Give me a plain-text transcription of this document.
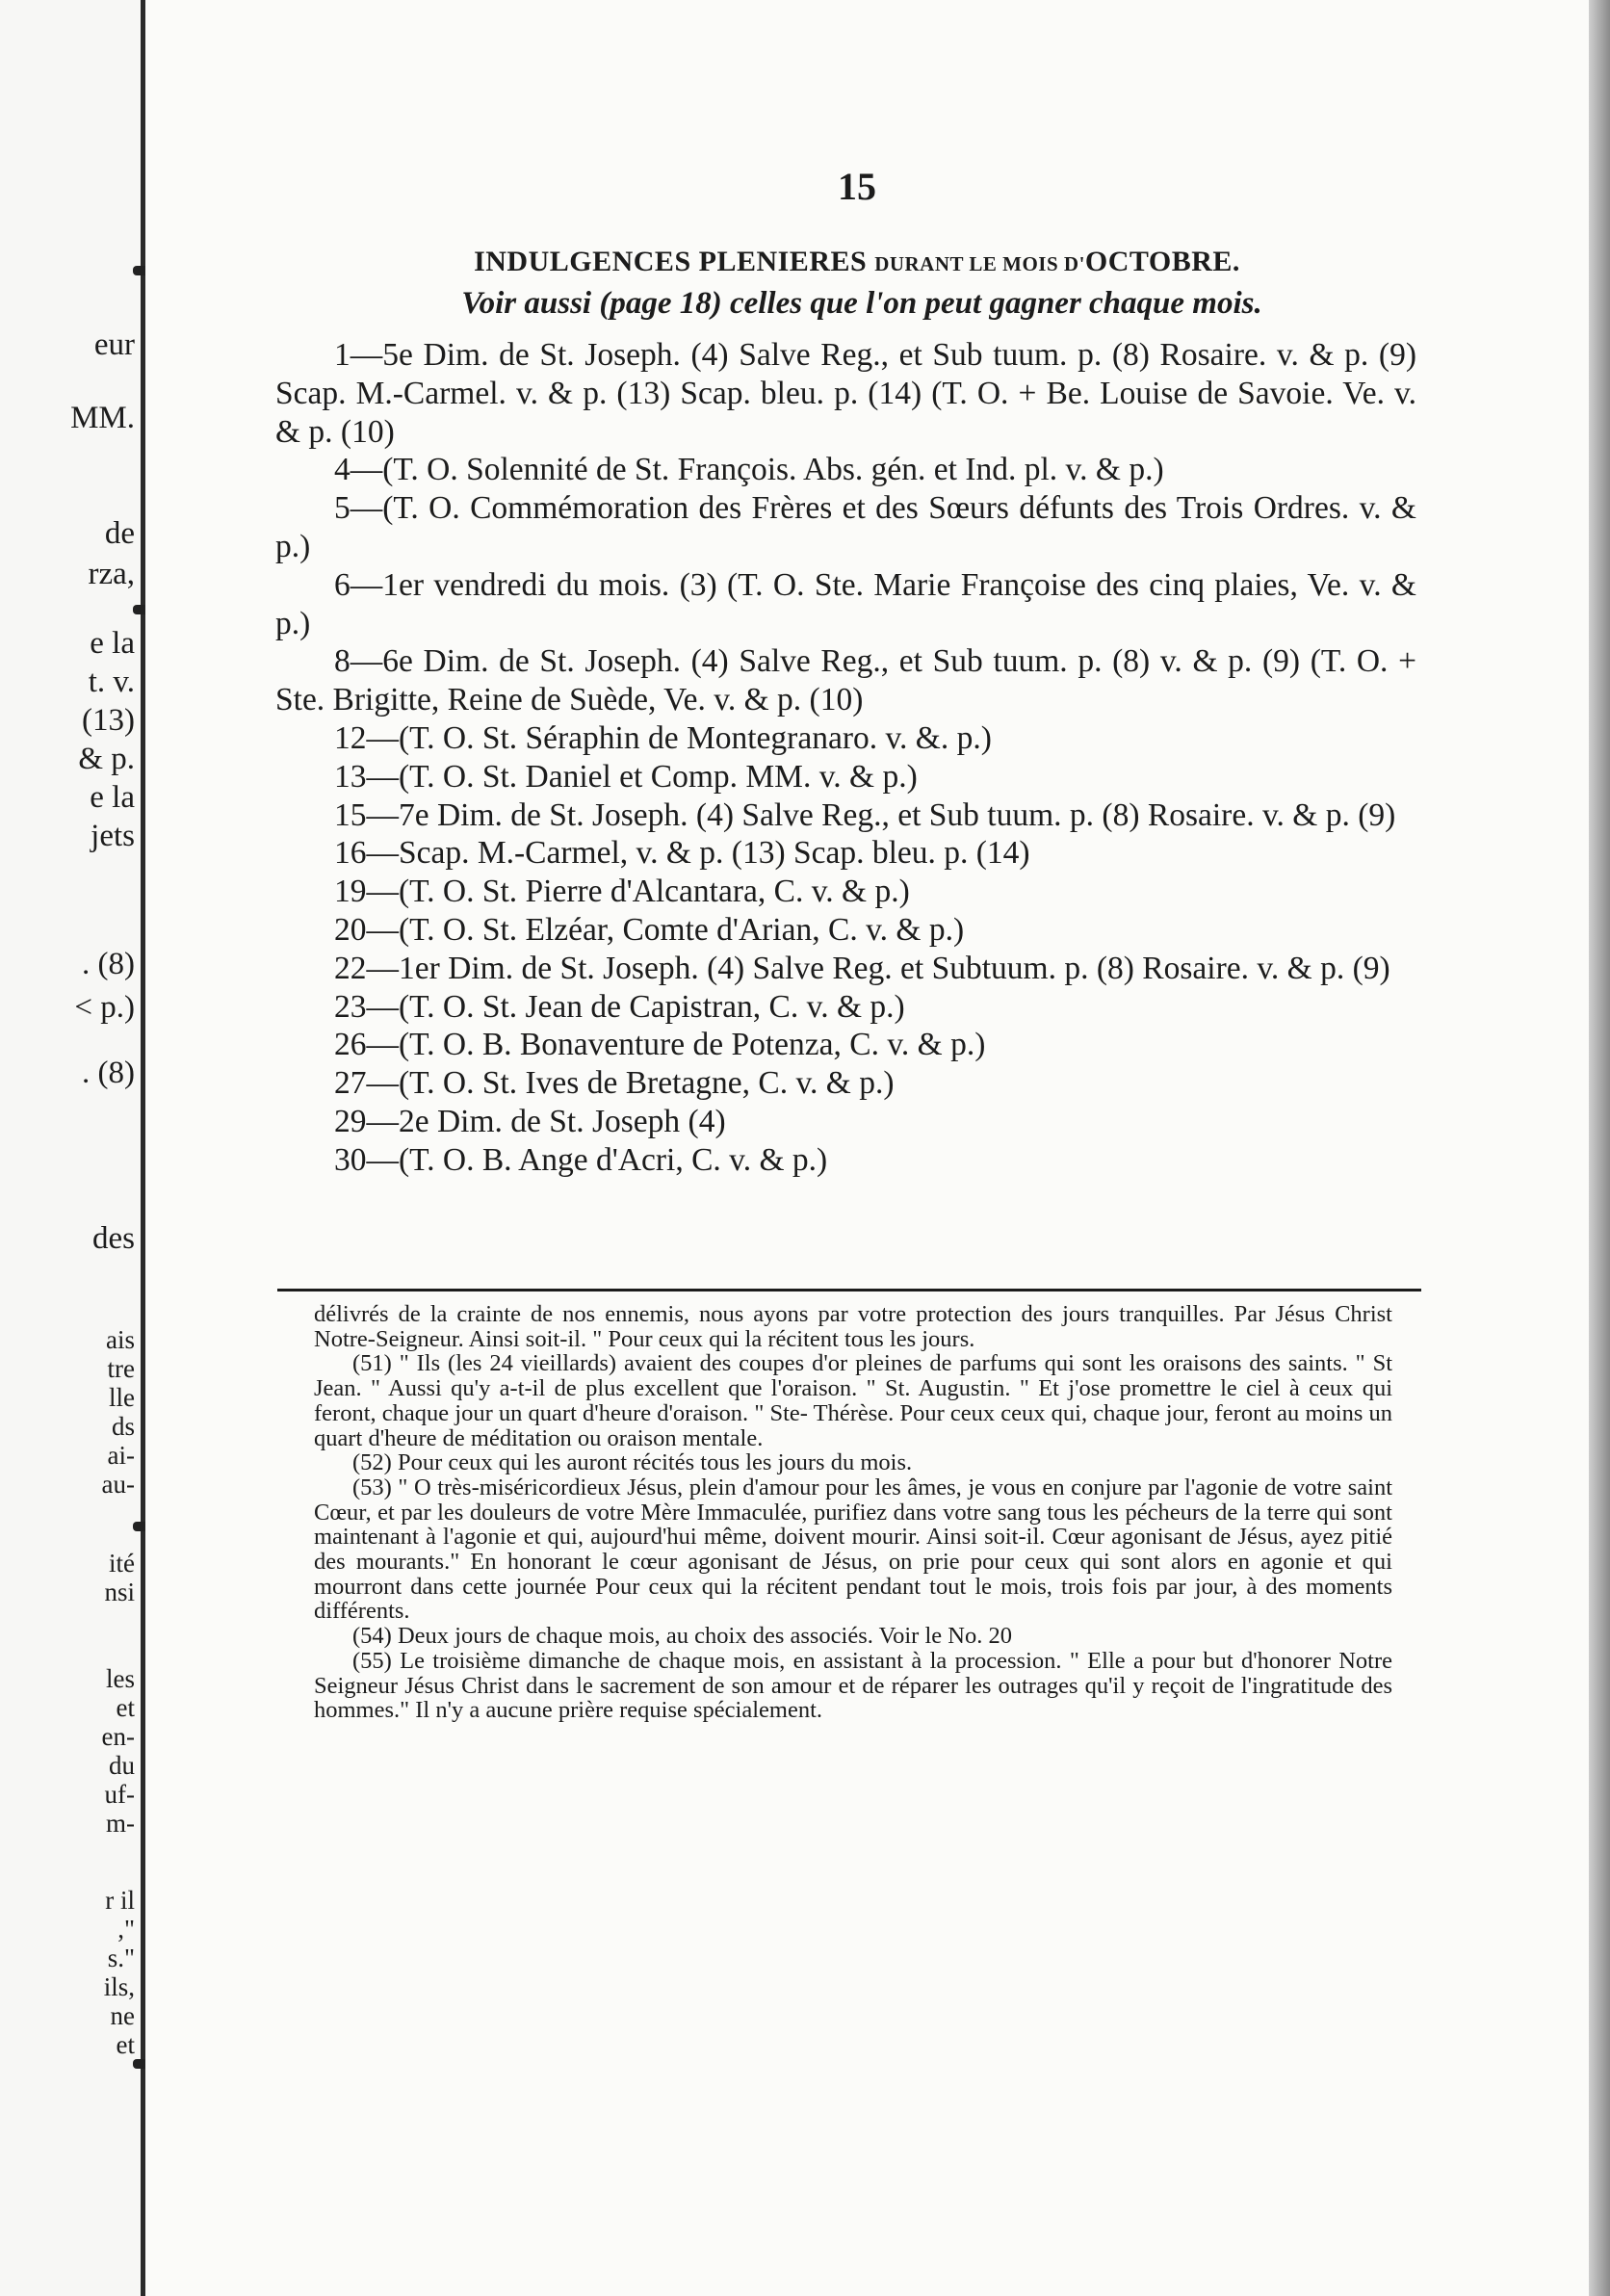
eur
MM.
de
rza,
e la
t. v.
(13)
& p.
e la
jets
. (8)
< p.)
. (8)
des
ais
tre
lle
ds
ai-
au-
ité
nsi
les
et
en-
du
uf-
m-
r il
,"
s."
ils,
ne
et
15
INDULGENCES PLENIERES DURANT LE MOIS D'OCTOBRE.
Voir aussi (page 18) celles que l'on peut gagner chaque mois.

1—5e Dim. de St. Joseph. (4) Salve Reg., et Sub tuum. p. (8) Rosaire. v. & p. (9) Scap. M.-Carmel. v. & p. (13) Scap. bleu. p. (14) (T. O. + Be. Louise de Savoie. Ve. v. & p. (10)

4—(T. O. Solennité de St. François. Abs. gén. et Ind. pl. v. & p.)

5—(T. O. Commémoration des Frères et des Sœurs défunts des Trois Ordres. v. & p.)

6—1er vendredi du mois. (3) (T. O. Ste. Marie Françoise des cinq plaies, Ve. v. & p.)

8—6e Dim. de St. Joseph. (4) Salve Reg., et Sub tuum. p. (8) v. & p. (9) (T. O. + Ste. Brigitte, Reine de Suède, Ve. v. & p. (10)

12—(T. O. St. Séraphin de Montegranaro. v. &. p.)

13—(T. O. St. Daniel et Comp. MM. v. & p.)

15—7e Dim. de St. Joseph. (4) Salve Reg., et Sub tuum. p. (8) Rosaire. v. & p. (9)

16—Scap. M.-Carmel, v. & p. (13) Scap. bleu. p. (14)

19—(T. O. St. Pierre d'Alcantara, C. v. & p.)

20—(T. O. St. Elzéar, Comte d'Arian, C. v. & p.)

22—1er Dim. de St. Joseph. (4) Salve Reg. et Subtuum. p. (8) Rosaire. v. & p. (9)

23—(T. O. St. Jean de Capistran, C. v. & p.)

26—(T. O. B. Bonaventure de Potenza, C. v. & p.)

27—(T. O. St. Ives de Bretagne, C. v. & p.)

29—2e Dim. de St. Joseph (4)

30—(T. O. B. Ange d'Acri, C. v. & p.)

délivrés de la crainte de nos ennemis, nous ayons par votre protection des jours tranquilles. Par Jésus Christ Notre-Seigneur. Ainsi soit-il. " Pour ceux qui la récitent tous les jours.

(51) " Ils (les 24 vieillards) avaient des coupes d'or pleines de parfums qui sont les oraisons des saints. " St Jean. " Aussi qu'y a-t-il de plus excellent que l'oraison. " St. Augustin. " Et j'ose promettre le ciel à ceux qui feront, chaque jour un quart d'heure d'oraison. " Ste- Thérèse. Pour ceux ceux qui, chaque jour, feront au moins un quart d'heure de méditation ou oraison mentale.

(52) Pour ceux qui les auront récités tous les jours du mois.

(53) " O très-miséricordieux Jésus, plein d'amour pour les âmes, je vous en conjure par l'agonie de votre saint Cœur, et par les douleurs de votre Mère Immaculée, purifiez dans votre sang tous les pécheurs de la terre qui sont maintenant à l'agonie et qui, aujourd'hui même, doivent mourir. Ainsi soit-il. Cœur agonisant de Jésus, ayez pitié des mourants." En honorant le cœur agonisant de Jésus, on prie pour ceux qui sont alors en agonie et qui mourront dans cette journée Pour ceux qui la récitent pendant tout le mois, trois fois par jour, à des moments différents.

(54) Deux jours de chaque mois, au choix des associés. Voir le No. 20

(55) Le troisième dimanche de chaque mois, en assistant à la procession. " Elle a pour but d'honorer Notre Seigneur Jésus Christ dans le sacrement de son amour et de réparer les outrages qu'il y reçoit de l'ingratitude des hommes." Il n'y a aucune prière requise spécialement.
